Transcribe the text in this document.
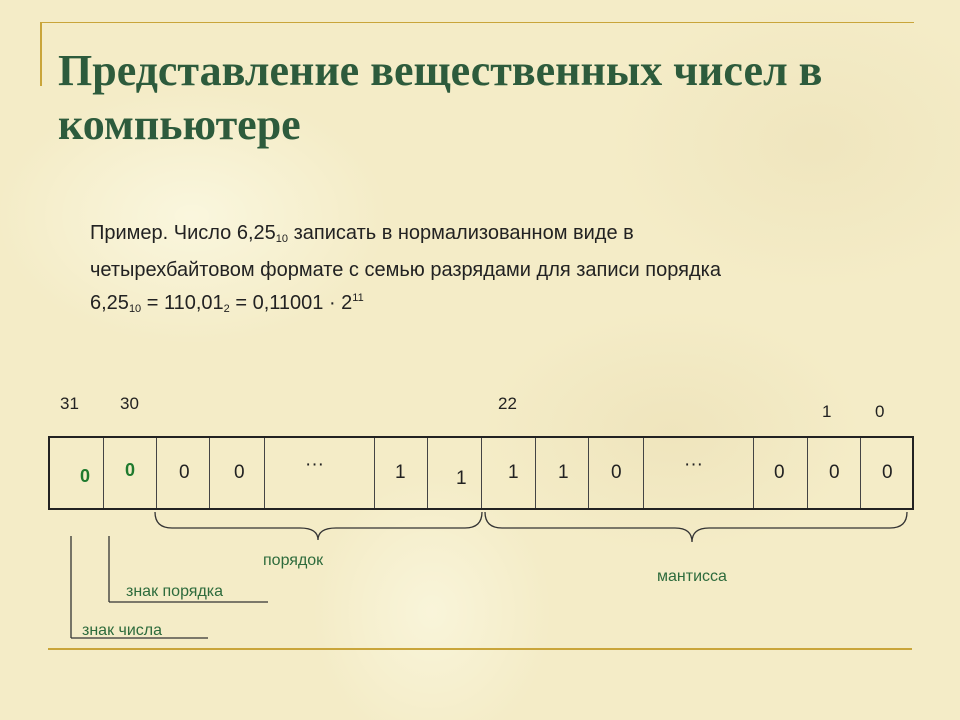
Представление вещественных чисел в компьютере
Пример. Число $6,25_{10}$ записать в нормализованном виде в
четырехбайтовом формате с семью разрядами для записи порядка
$6,25_{10} = 110,01_2 = 0,11001 \cdot 2^{11}$
31 30	22	1	0
0 0 0 0	···	1	1 1 1 0	···	0 0 0
порядок
мантисса
знак порядка
знак числа
